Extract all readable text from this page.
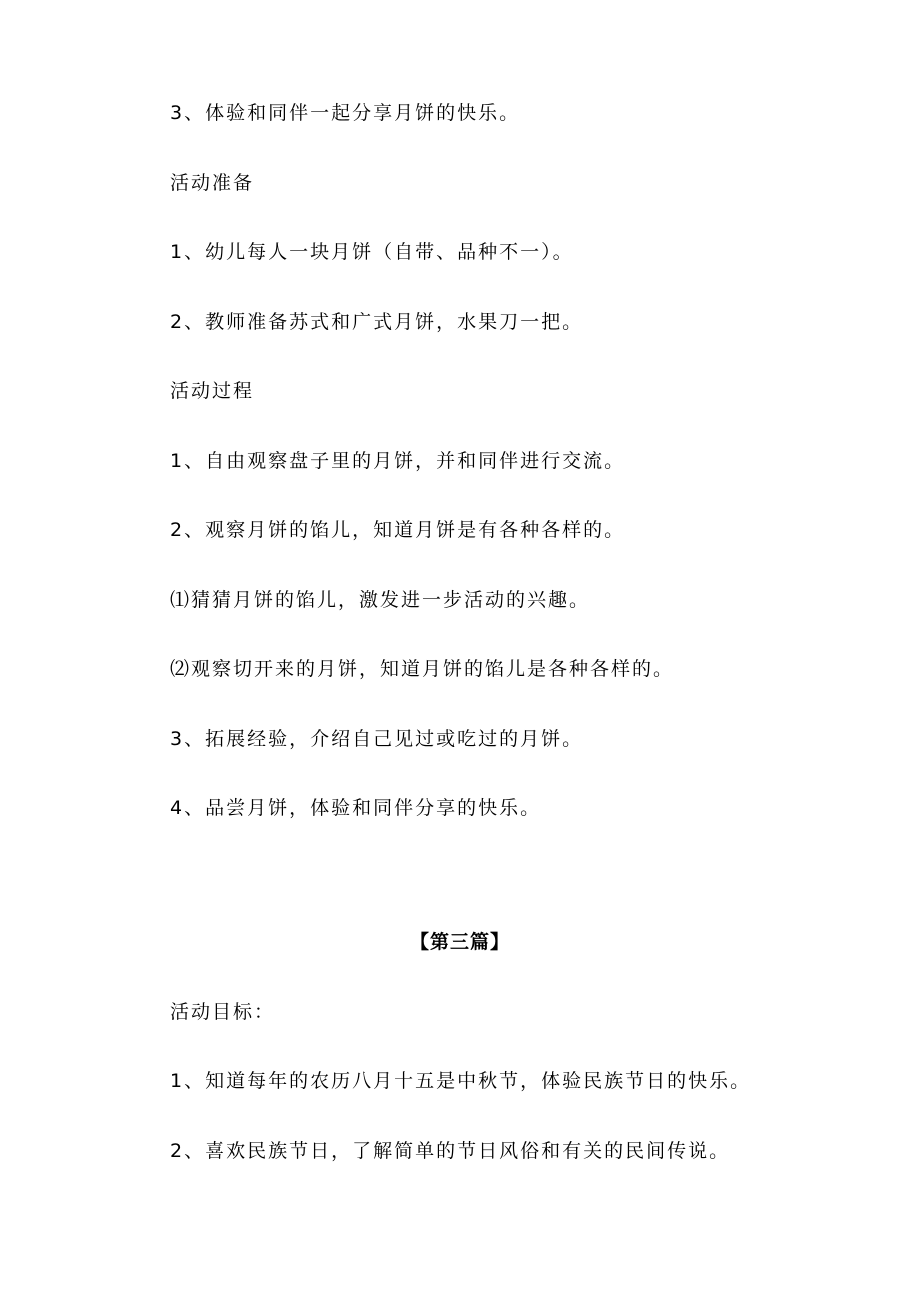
3、体验和同伴一起分享月饼的快乐。
活动准备
1、幼儿每人一块月饼（自带、品种不一）。
2、教师准备苏式和广式月饼，水果刀一把。
活动过程
1、自由观察盘子里的月饼，并和同伴进行交流。
2、观察月饼的馅儿，知道月饼是有各种各样的。
⑴猜猜月饼的馅儿，激发进一步活动的兴趣。
⑵观察切开来的月饼，知道月饼的馅儿是各种各样的。
3、拓展经验，介绍自己见过或吃过的月饼。
4、品尝月饼，体验和同伴分享的快乐。
【第三篇】
活动目标：
1、知道每年的农历八月十五是中秋节，体验民族节日的快乐。
2、喜欢民族节日，了解简单的节日风俗和有关的民间传说。
